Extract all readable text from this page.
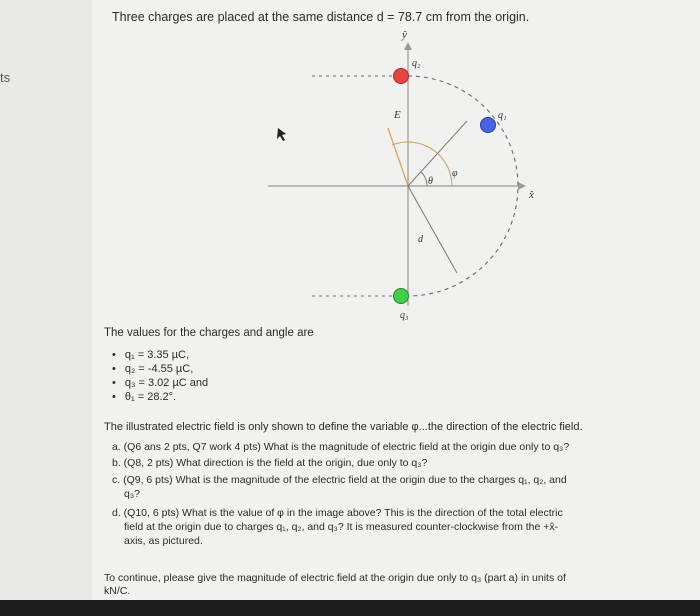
ts
Three charges are placed at the same distance d = 78.7 cm from the origin.
ŷ
x̂
E
θ
φ
d
q₂
q₁
q₃
The values for the charges and angle are
• q₁ = 3.35 µC,
• q₂ = -4.55 µC,
• q₃ = 3.02 µC and
• θ₁ = 28.2°.
The illustrated electric field is only shown to define the variable φ...the direction of the electric field.
a. (Q6 ans 2 pts, Q7 work 4 pts) What is the magnitude of electric field at the origin due only to q₃?
b. (Q8, 2 pts) What direction is the field at the origin, due only to q₃?
c. (Q9, 6 pts) What is the magnitude of the electric field at the origin due to the charges q₁, q₂, and
q₃?
d. (Q10, 6 pts) What is the value of φ in the image above? This is the direction of the total electric
field at the origin due to charges q₁, q₂, and q₃? It is measured counter-clockwise from the +x̂-
axis, as pictured.
To continue, please give the magnitude of electric field at the origin due only to q₃ (part a) in units of
kN/C.
